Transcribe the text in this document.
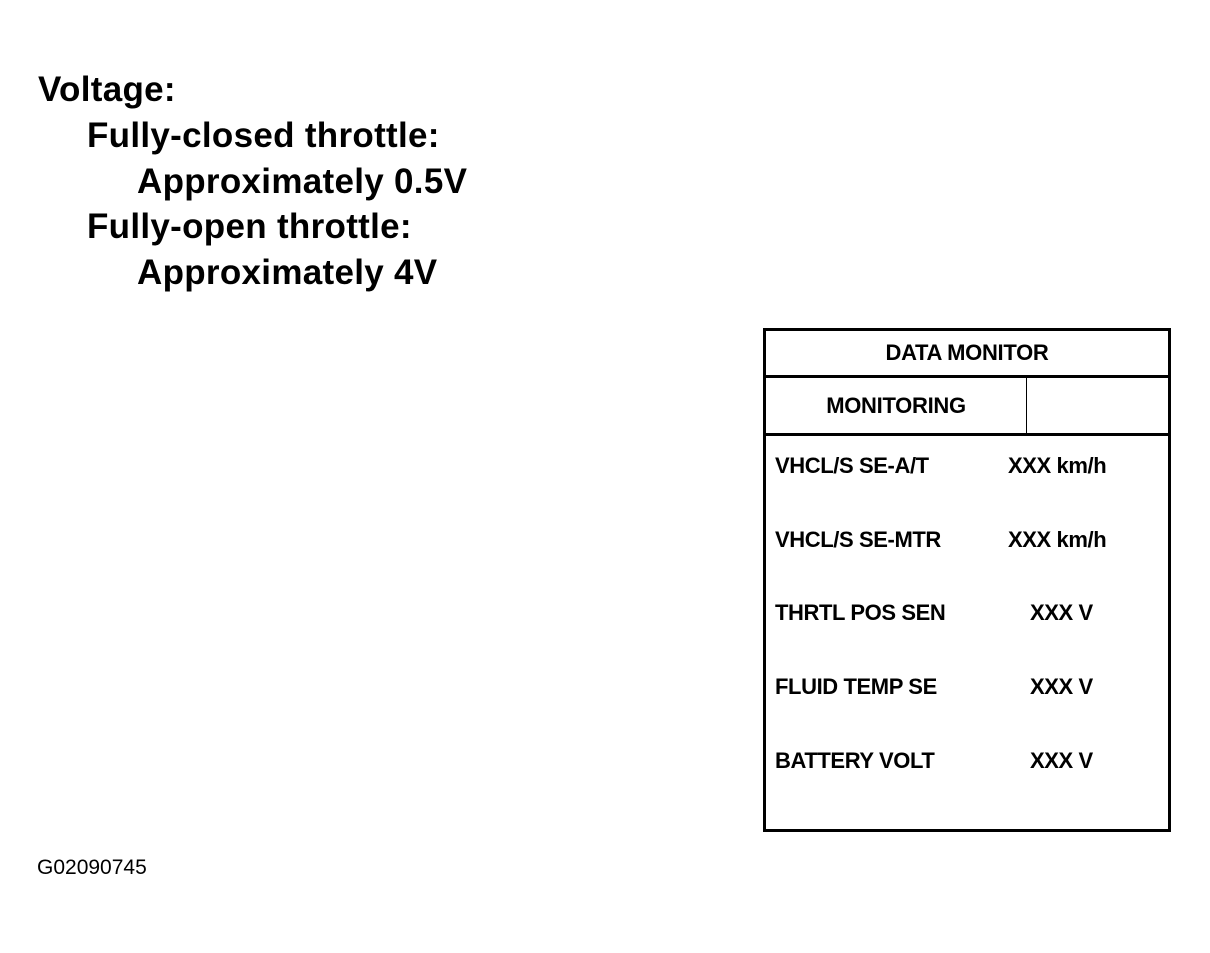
Voltage:
Fully-closed throttle:
Approximately 0.5V
Fully-open throttle:
Approximately 4V
DATA MONITOR
MONITORING
VHCL/S SE-A/T	XXX km/h
VHCL/S SE-MTR	XXX km/h
THRTL POS SEN	XXX V
FLUID TEMP SE	XXX V
BATTERY VOLT	XXX V
G02090745
